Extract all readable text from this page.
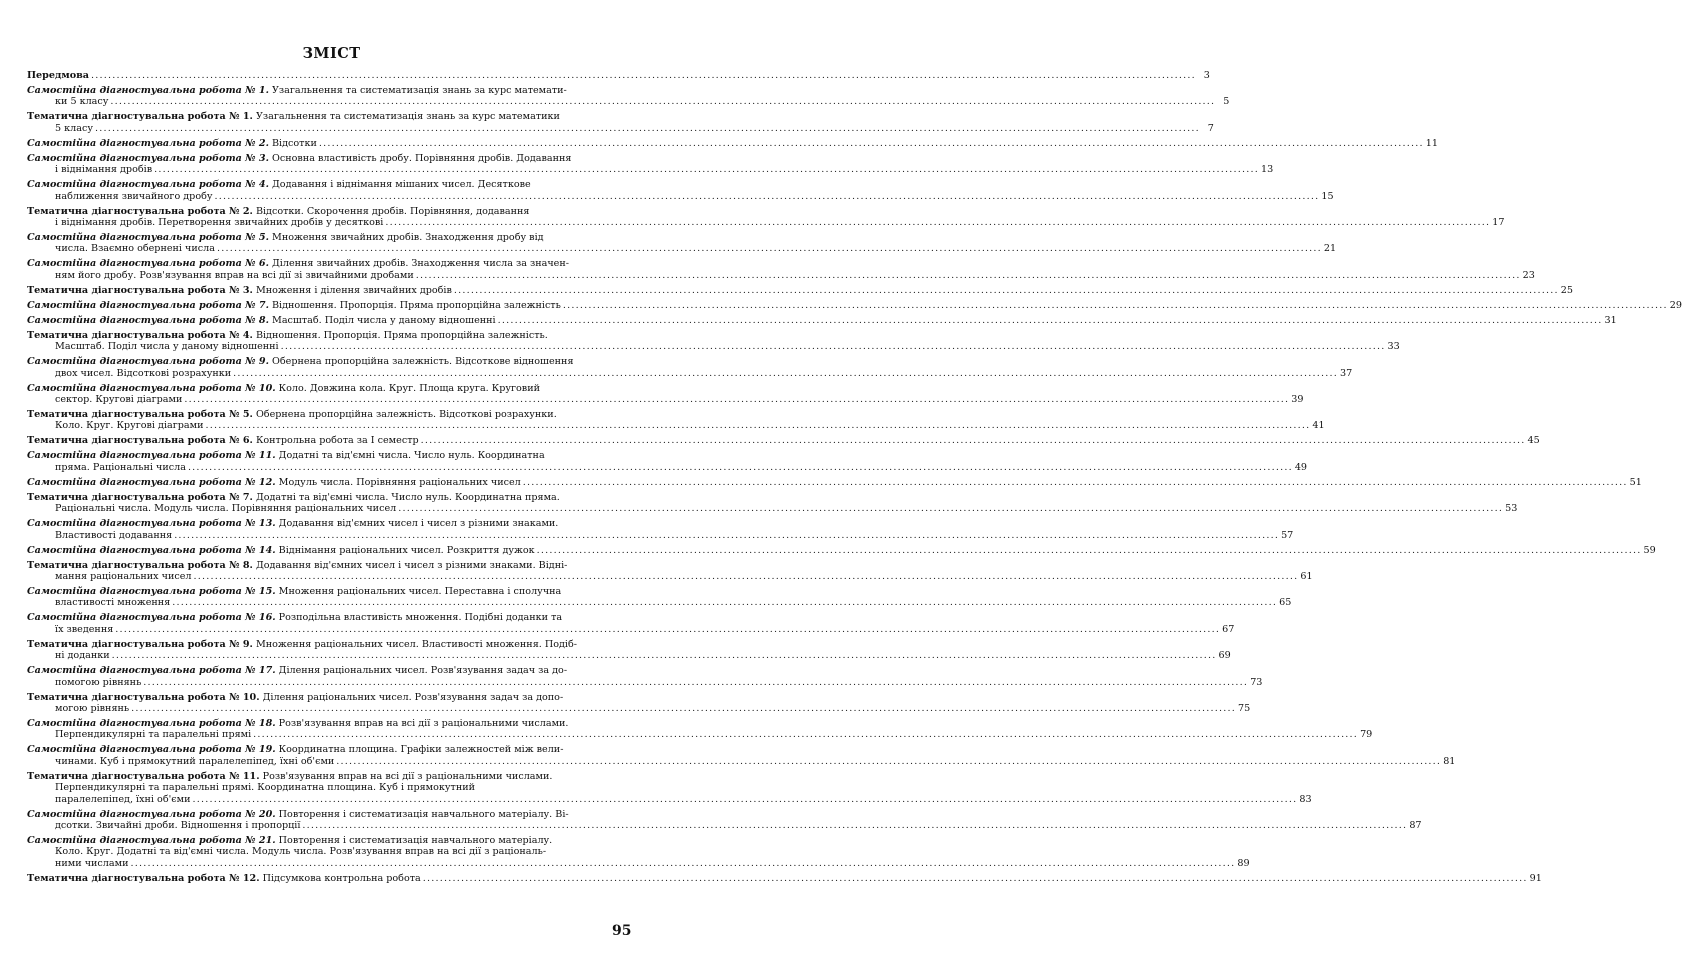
ЗМІСТ
Передмова .................................................................................................................................................................................................................................................................... 3
Самостійна діагностувальна робота № 1. Узагальнення та систематизація знань за курс математи-
ки 5 класу .................................................................................................................................................................................................................................................................... 5
Тематична діагностувальна робота № 1. Узагальнення та систематизація знань за курс математики
5 класу .................................................................................................................................................................................................................................................................... 7
Самостійна діагностувальна робота № 2. Відсотки .................................................................................................................................................................................................................................................................... 11
Самостійна діагностувальна робота № 3. Основна властивість дробу. Порівняння дробів. Додавання
і віднімання дробів .................................................................................................................................................................................................................................................................... 13
Самостійна діагностувальна робота № 4. Додавання і віднімання мішаних чисел. Десяткове
наближення звичайного дробу .................................................................................................................................................................................................................................................................... 15
Тематична діагностувальна робота № 2. Відсотки. Скорочення дробів. Порівняння, додавання
і віднімання дробів. Перетворення звичайних дробів у десяткові .................................................................................................................................................................................................................................................................... 17
Самостійна діагностувальна робота № 5. Множення звичайних дробів. Знаходження дробу від
числа. Взаємно обернені числа .................................................................................................................................................................................................................................................................... 21
Самостійна діагностувальна робота № 6. Ділення звичайних дробів. Знаходження числа за значен-
ням його дробу. Розв'язування вправ на всі дії зі звичайними дробами .................................................................................................................................................................................................................................................................... 23
Тематична діагностувальна робота № 3. Множення і ділення звичайних дробів .................................................................................................................................................................................................................................................................... 25
Самостійна діагностувальна робота № 7. Відношення. Пропорція. Пряма пропорційна залежність .................................................................................................................................................................................................................................................................... 29
Самостійна діагностувальна робота № 8. Масштаб. Поділ числа у даному відношенні .................................................................................................................................................................................................................................................................... 31
Тематична діагностувальна робота № 4. Відношення. Пропорція. Пряма пропорційна залежність.
Масштаб. Поділ числа у даному відношенні .................................................................................................................................................................................................................................................................... 33
Самостійна діагностувальна робота № 9. Обернена пропорційна залежність. Відсоткове відношення
двох чисел. Відсоткові розрахунки .................................................................................................................................................................................................................................................................... 37
Самостійна діагностувальна робота № 10. Коло. Довжина кола. Круг. Площа круга. Круговий
сектор. Кругові діаграми .................................................................................................................................................................................................................................................................... 39
Тематична діагностувальна робота № 5. Обернена пропорційна залежність. Відсоткові розрахунки.
Коло. Круг. Кругові діаграми .................................................................................................................................................................................................................................................................... 41
Тематична діагностувальна робота № 6. Контрольна робота за І семестр .................................................................................................................................................................................................................................................................... 45
Самостійна діагностувальна робота № 11. Додатні та від'ємні числа. Число нуль. Координатна
пряма. Раціональні числа .................................................................................................................................................................................................................................................................... 49
Самостійна діагностувальна робота № 12. Модуль числа. Порівняння раціональних чисел .................................................................................................................................................................................................................................................................... 51
Тематична діагностувальна робота № 7. Додатні та від'ємні числа. Число нуль. Координатна пряма.
Раціональні числа. Модуль числа. Порівняння раціональних чисел .................................................................................................................................................................................................................................................................... 53
Самостійна діагностувальна робота № 13. Додавання від'ємних чисел і чисел з різними знаками.
Властивості додавання .................................................................................................................................................................................................................................................................... 57
Самостійна діагностувальна робота № 14. Віднімання раціональних чисел. Розкриття дужок .................................................................................................................................................................................................................................................................... 59
Тематична діагностувальна робота № 8. Додавання від'ємних чисел і чисел з різними знаками. Відні-
мання раціональних чисел .................................................................................................................................................................................................................................................................... 61
Самостійна діагностувальна робота № 15. Множення раціональних чисел. Переставна і сполучна
властивості множення .................................................................................................................................................................................................................................................................... 65
Самостійна діагностувальна робота № 16. Розподільна властивість множення. Подібні доданки та
їх зведення .................................................................................................................................................................................................................................................................... 67
Тематична діагностувальна робота № 9. Множення раціональних чисел. Властивості множення. Подіб-
ні доданки .................................................................................................................................................................................................................................................................... 69
Самостійна діагностувальна робота № 17. Ділення раціональних чисел. Розв'язування задач за до-
помогою рівнянь .................................................................................................................................................................................................................................................................... 73
Тематична діагностувальна робота № 10. Ділення раціональних чисел. Розв'язування задач за допо-
могою рівнянь .................................................................................................................................................................................................................................................................... 75
Самостійна діагностувальна робота № 18. Розв'язування вправ на всі дії з раціональними числами.
Перпендикулярні та паралельні прямі .................................................................................................................................................................................................................................................................... 79
Самостійна діагностувальна робота № 19. Координатна площина. Графіки залежностей між вели-
чинами. Куб і прямокутний паралелепіпед, їхні об'єми .................................................................................................................................................................................................................................................................... 81
Тематична діагностувальна робота № 11. Розв'язування вправ на всі дії з раціональними числами.
Перпендикулярні та паралельні прямі. Координатна площина. Куб і прямокутний
паралелепіпед, їхні об'єми .................................................................................................................................................................................................................................................................... 83
Самостійна діагностувальна робота № 20. Повторення і систематизація навчального матеріалу. Ві-
дсотки. Звичайні дроби. Відношення і пропорції .................................................................................................................................................................................................................................................................... 87
Самостійна діагностувальна робота № 21. Повторення і систематизація навчального матеріалу.
Коло. Круг. Додатні та від'ємні числа. Модуль числа. Розв'язування вправ на всі дії з раціональ-
ними числами .................................................................................................................................................................................................................................................................... 89
Тематична діагностувальна робота № 12. Підсумкова контрольна робота .................................................................................................................................................................................................................................................................... 91
95
